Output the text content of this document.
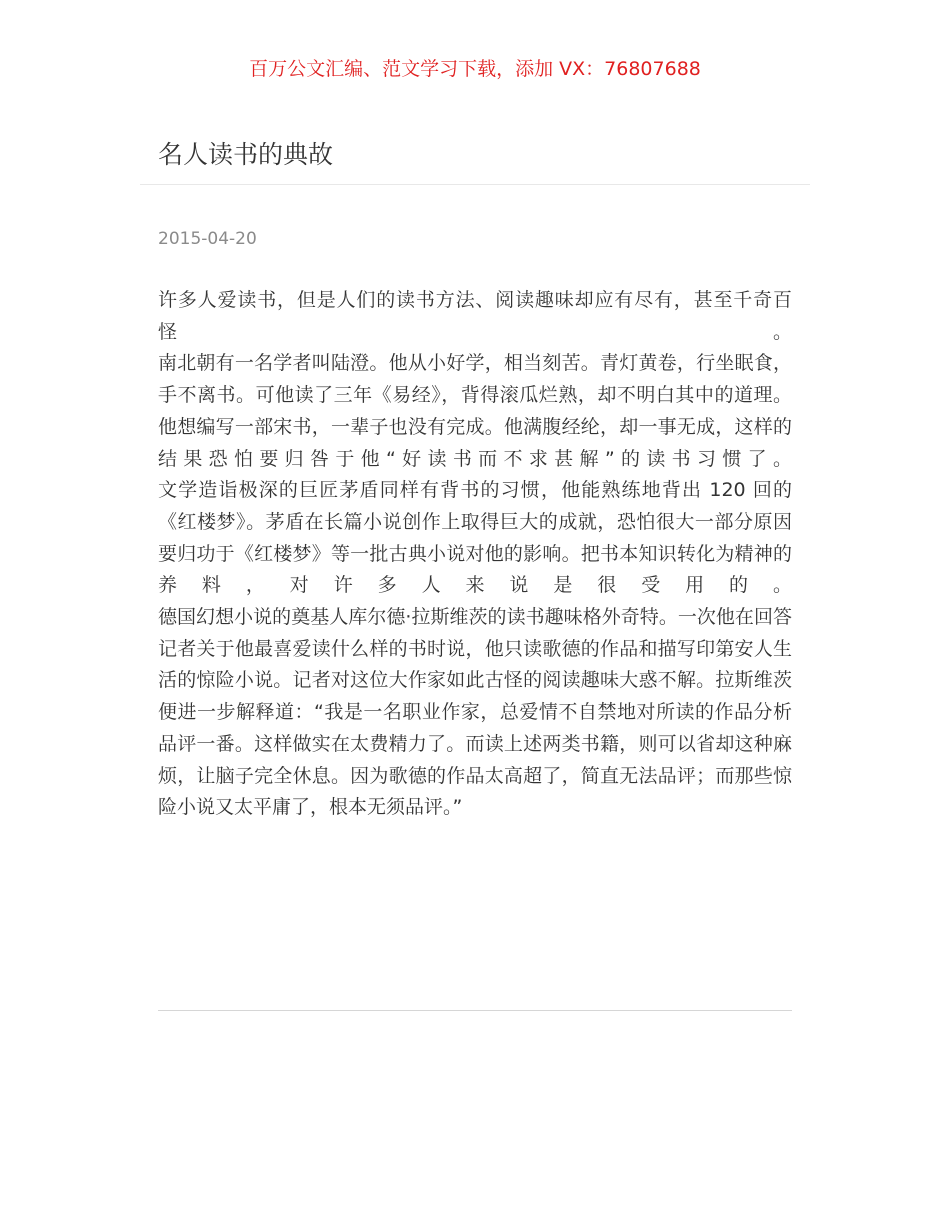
百万公文汇编、范文学习下载，添加 VX：76807688
名人读书的典故
2015-04-20

许多人爱读书，但是人们的读书方法、阅读趣味却应有尽有，甚至千奇百怪。

南北朝有一名学者叫陆澄。他从小好学，相当刻苦。青灯黄卷，行坐眠食，手不离书。可他读了三年《易经》，背得滚瓜烂熟，却不明白其中的道理。他想编写一部宋书，一辈子也没有完成。他满腹经纶，却一事无成，这样的结果恐怕要归咎于他“好读书而不求甚解”的读书习惯了。

文学造诣极深的巨匠茅盾同样有背书的习惯，他能熟练地背出 120 回的《红楼梦》。茅盾在长篇小说创作上取得巨大的成就，恐怕很大一部分原因要归功于《红楼梦》等一批古典小说对他的影响。把书本知识转化为精神的养料，对许多人来说是很受用的。

德国幻想小说的奠基人库尔德·拉斯维茨的读书趣味格外奇特。一次他在回答记者关于他最喜爱读什么样的书时说，他只读歌德的作品和描写印第安人生活的惊险小说。记者对这位大作家如此古怪的阅读趣味大惑不解。拉斯维茨便进一步解释道：“我是一名职业作家，总爱情不自禁地对所读的作品分析品评一番。这样做实在太费精力了。而读上述两类书籍，则可以省却这种麻烦，让脑子完全休息。因为歌德的作品太高超了，简直无法品评；而那些惊险小说又太平庸了，根本无须品评。”
